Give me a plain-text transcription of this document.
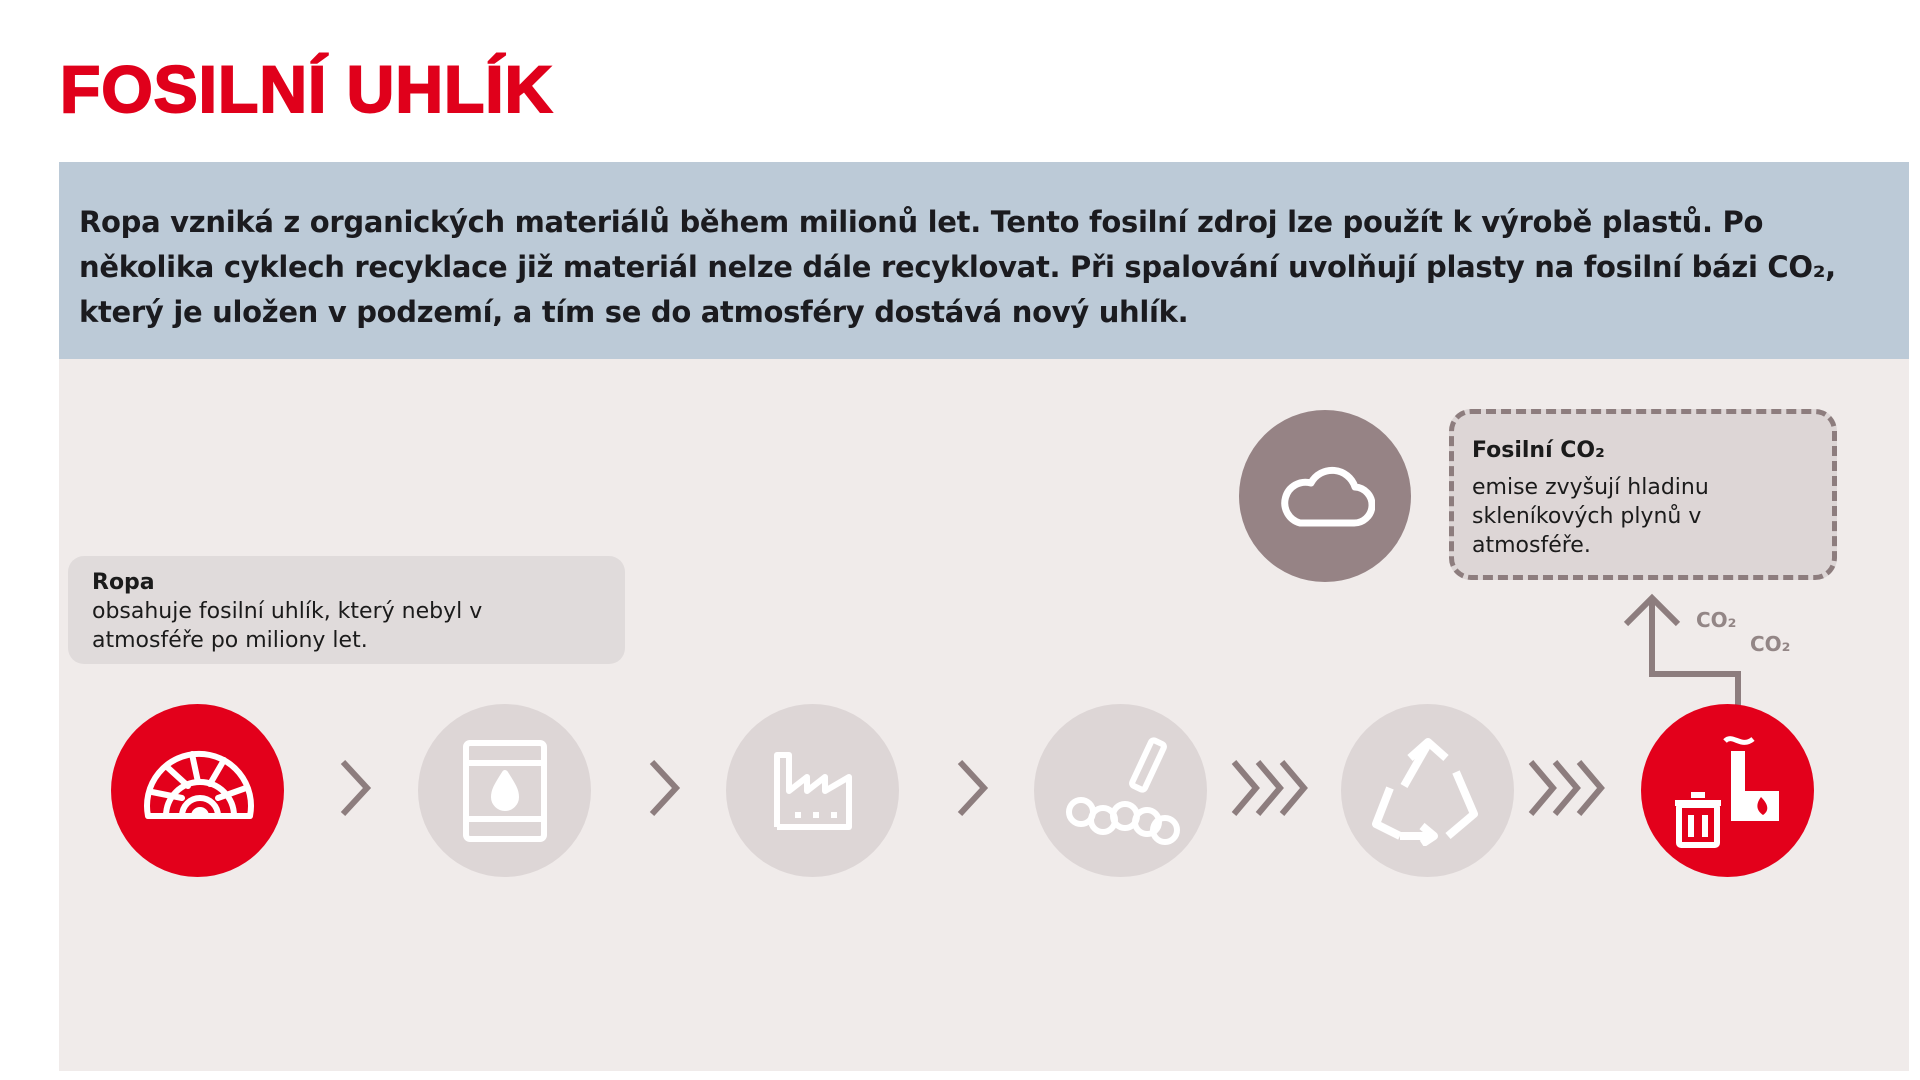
FOSILNÍ UHLÍK

Ropa vzniká z organických materiálů během milionů let. Tento fosilní zdroj lze použít k výrobě plastů. Po několika cyklech recyklace již materiál nelze dále recyklovat. Při spalování uvolňují plasty na fosilní bázi CO₂, který je uložen v podzemí, a tím se do atmosféry dostává nový uhlík.

Ropa
obsahuje fosilní uhlík, který nebyl v atmosféře po miliony let.
Fosilní CO₂
emise zvyšují hladinu skleníkových plynů v atmosféře.
CO₂
CO₂
